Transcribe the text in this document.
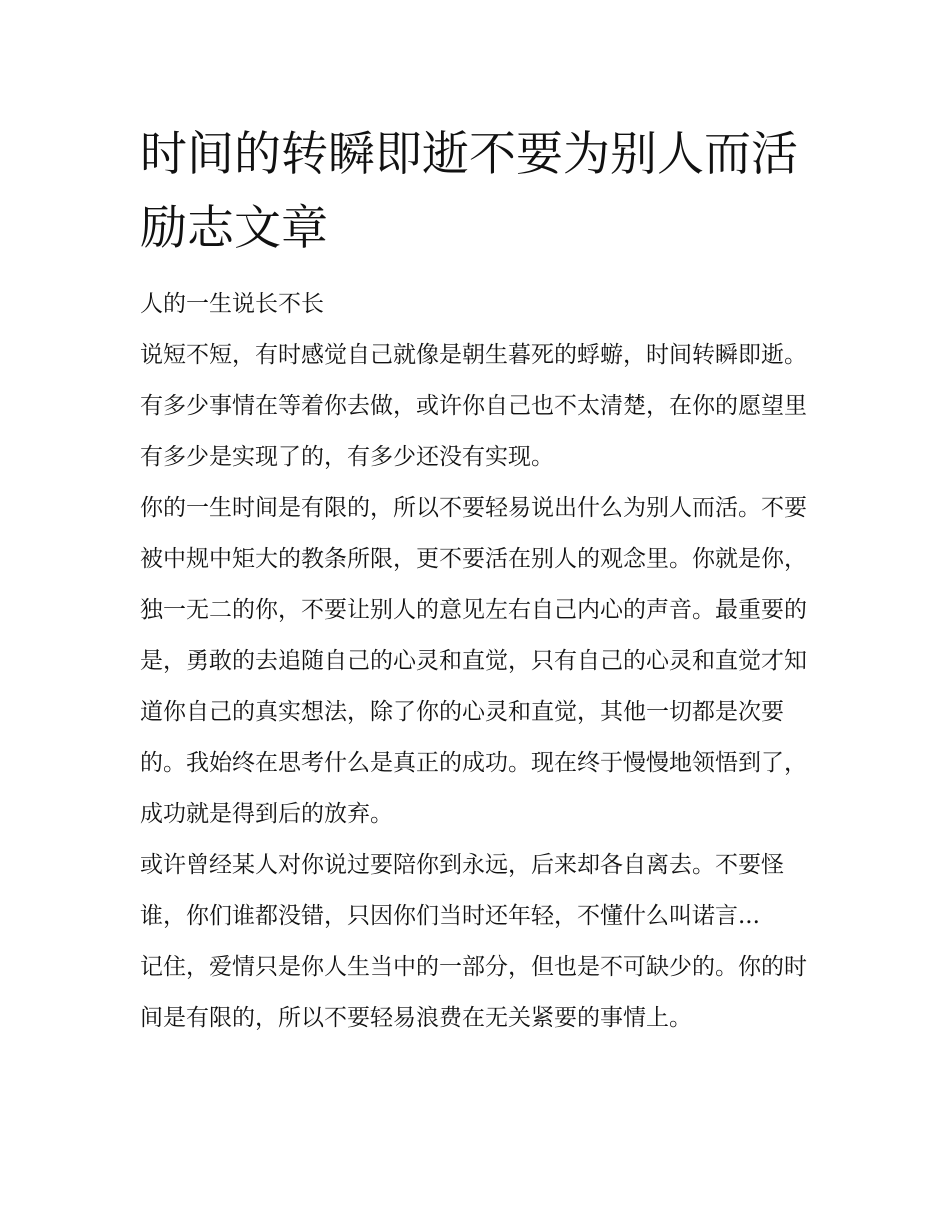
时间的转瞬即逝不要为别人而活励志文章

人的一生说长不长

说短不短，有时感觉自己就像是朝生暮死的蜉蝣，时间转瞬即逝。有多少事情在等着你去做，或许你自己也不太清楚，在你的愿望里有多少是实现了的，有多少还没有实现。

你的一生时间是有限的，所以不要轻易说出什么为别人而活。不要被中规中矩大的教条所限，更不要活在别人的观念里。你就是你，独一无二的你，不要让别人的意见左右自己内心的声音。最重要的是，勇敢的去追随自己的心灵和直觉，只有自己的心灵和直觉才知道你自己的真实想法，除了你的心灵和直觉，其他一切都是次要的。我始终在思考什么是真正的成功。现在终于慢慢地领悟到了，成功就是得到后的放弃。

或许曾经某人对你说过要陪你到永远，后来却各自离去。不要怪谁，你们谁都没错，只因你们当时还年轻，不懂什么叫诺言...

记住，爱情只是你人生当中的一部分，但也是不可缺少的。你的时间是有限的，所以不要轻易浪费在无关紧要的事情上。
